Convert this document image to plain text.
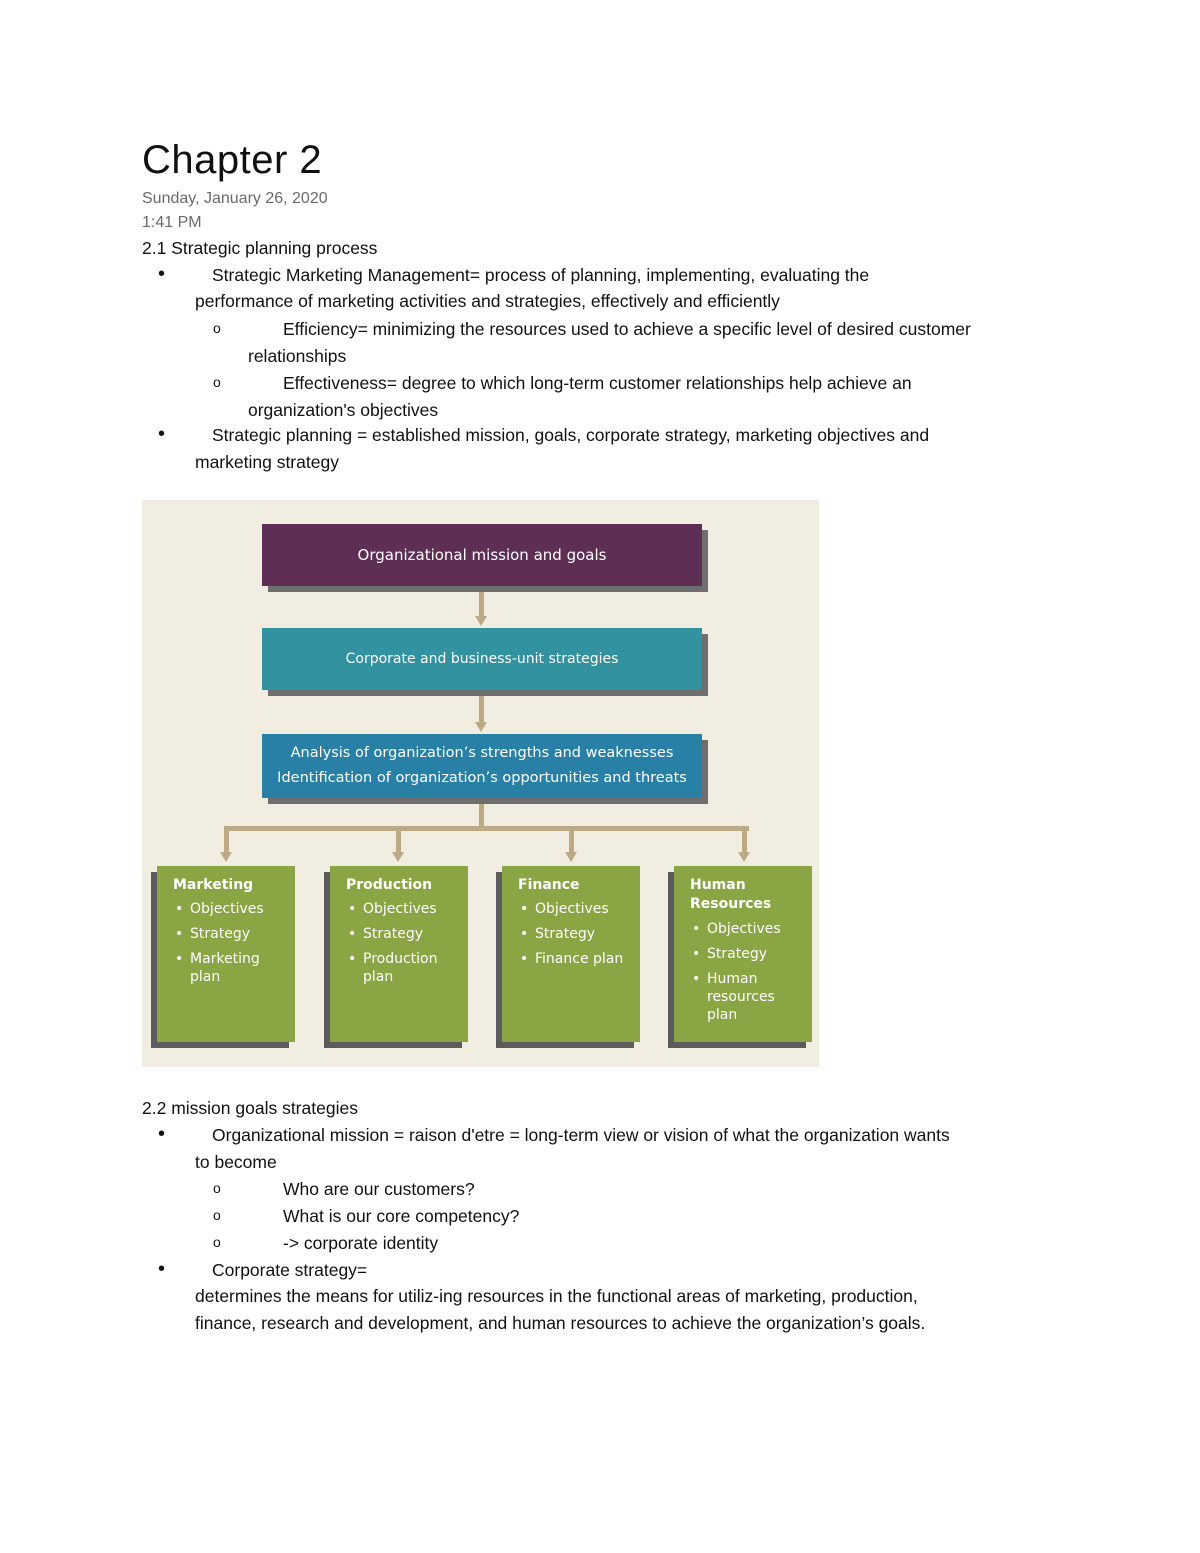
Chapter 2
Sunday, January 26, 2020
1:41 PM
2.1 Strategic planning process
•	Strategic Marketing Management= process of planning, implementing, evaluating the
performance of marketing activities and strategies, effectively and efficiently
o	Efficiency= minimizing the resources used to achieve a specific level of desired customer
relationships
o	Effectiveness= degree to which long-term customer relationships help achieve an
organization's objectives
•	Strategic planning = established mission, goals, corporate strategy, marketing objectives and
marketing strategy
Organizational mission and goals
Corporate and business-unit strategies
Analysis of organization’s strengths and weaknesses
Identification of organization’s opportunities and threats
Marketing
• Objectives
• Strategy
• Marketing plan
Production
• Objectives
• Strategy
• Production plan
Finance
• Objectives
• Strategy
• Finance plan
Human Resources
• Objectives
• Strategy
• Human resources plan
2.2 mission goals strategies
•	Organizational mission = raison d'etre = long-term view or vision of what the organization wants
to become
o	Who are our customers?
o	What is our core competency?
o	-> corporate identity
•	Corporate strategy=
determines the means for utiliz-ing resources in the functional areas of marketing, production,
finance, research and development, and human resources to achieve the organization’s goals.
